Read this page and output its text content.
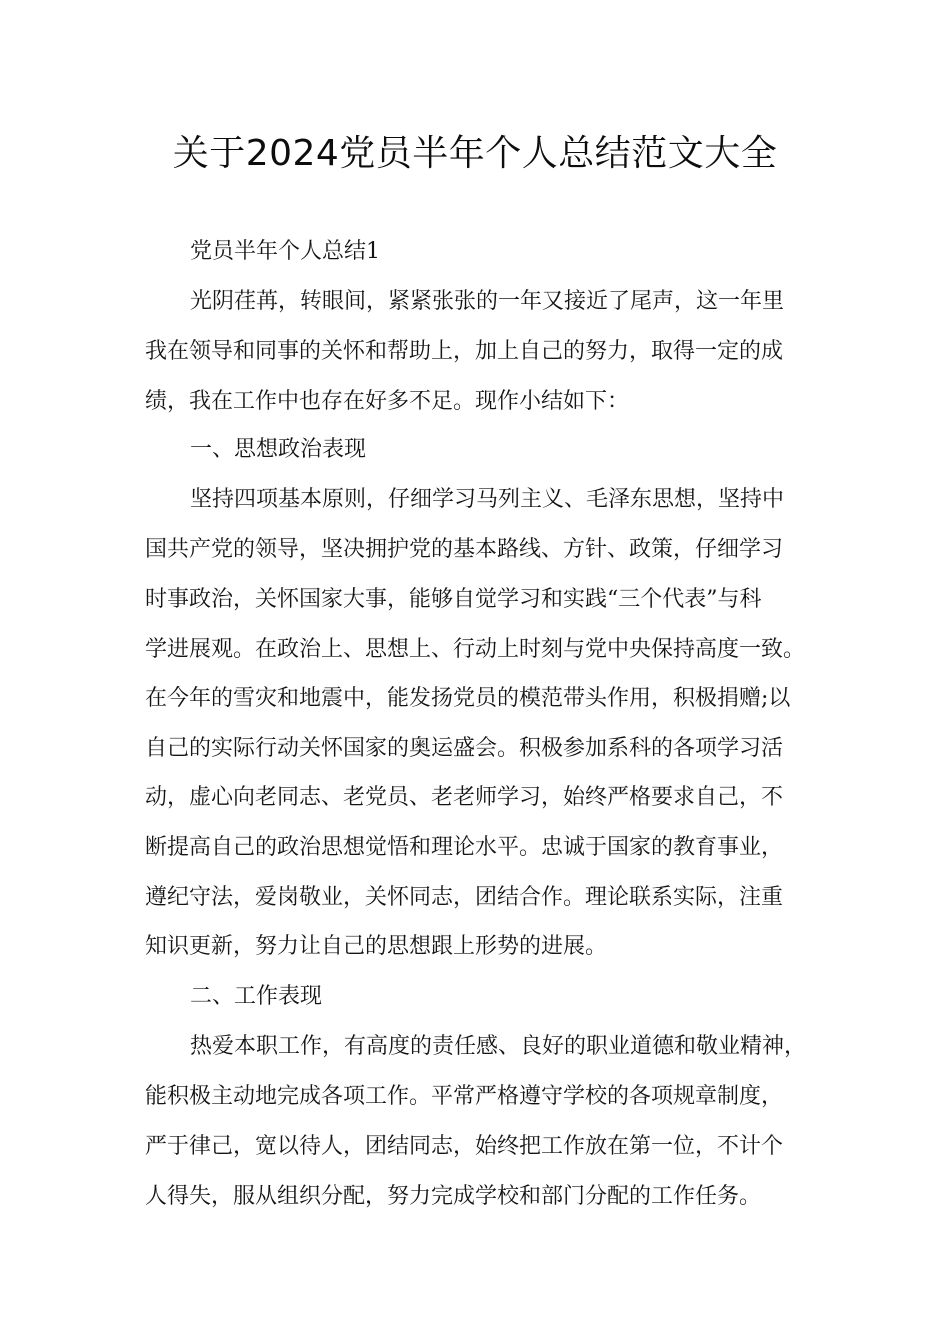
关于2024党员半年个人总结范文大全
党员半年个人总结1
光阴荏苒，转眼间，紧紧张张的一年又接近了尾声，这一年里
我在领导和同事的关怀和帮助上，加上自己的努力，取得一定的成
绩，我在工作中也存在好多不足。现作小结如下：
一、思想政治表现
坚持四项基本原则，仔细学习马列主义、毛泽东思想，坚持中
国共产党的领导，坚决拥护党的基本路线、方针、政策，仔细学习
时事政治，关怀国家大事，能够自觉学习和实践“三个代表”与科
学进展观。在政治上、思想上、行动上时刻与党中央保持高度一致。
在今年的雪灾和地震中，能发扬党员的模范带头作用，积极捐赠;以
自己的实际行动关怀国家的奥运盛会。积极参加系科的各项学习活
动，虚心向老同志、老党员、老老师学习，始终严格要求自己，不
断提高自己的政治思想觉悟和理论水平。忠诚于国家的教育事业，
遵纪守法，爱岗敬业，关怀同志，团结合作。理论联系实际，注重
知识更新，努力让自己的思想跟上形势的进展。
二、工作表现
热爱本职工作，有高度的责任感、良好的职业道德和敬业精神，
能积极主动地完成各项工作。平常严格遵守学校的各项规章制度，
严于律己，宽以待人，团结同志，始终把工作放在第一位，不计个
人得失，服从组织分配，努力完成学校和部门分配的工作任务。
